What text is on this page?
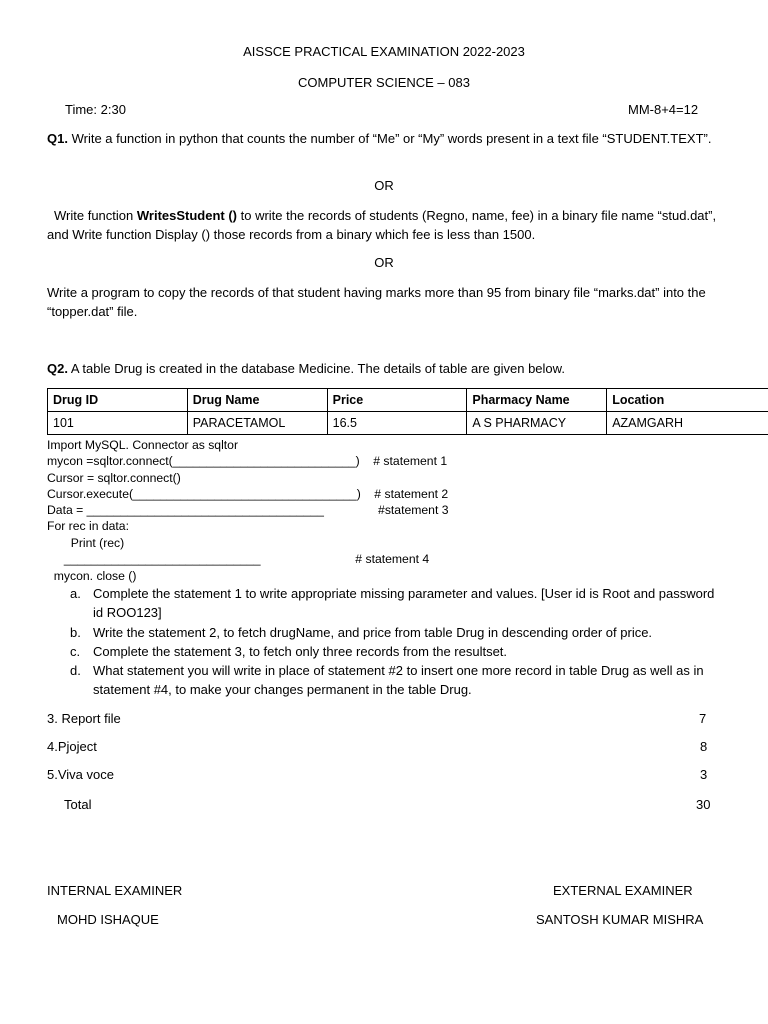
AISSCE PRACTICAL EXAMINATION 2022-2023
COMPUTER SCIENCE – 083
Time: 2:30	MM-8+4=12
Q1. Write a function in python that counts the number of “Me” or “My” words present in a text file “STUDENT.TEXT”.
OR
Write function WritesStudent () to write the records of students (Regno, name, fee) in a binary file name “stud.dat”, and Write function Display () those records from a binary which fee is less than 1500.
OR
Write a program to copy the records of that student having marks more than 95 from binary file “marks.dat” into the “topper.dat” file.
Q2. A table Drug is created in the database Medicine. The details of table are given below.
Drug ID	Drug Name	Price	Pharmacy Name	Location
101	PARACETAMOL	16.5	A S PHARMACY	AZAMGARH
Import MySQL. Connector as sqltor
mycon =sqltor.connect(___________________________)    # statement 1
Cursor = sqltor.connect()
Cursor.execute(_________________________________)    # statement 2
Data = ___________________________________                #statement 3
For rec in data:
Print (rec)
_____________________________                            # statement 4
mycon. close ()
a. Complete the statement 1 to write appropriate missing parameter and values. [User id is Root and password id ROO123]
b. Write the statement 2, to fetch drugName, and price from table Drug in descending order of price.
c. Complete the statement 3, to fetch only three records from the resultset.
d. What statement you will write in place of statement #2 to insert one more record in table Drug as well as in statement #4, to make your changes permanent in the table Drug.
3. Report file	7
4.Pjoject	8
5.Viva voce	3
Total	30
INTERNAL EXAMINER
MOHD ISHAQUE
EXTERNAL EXAMINER
SANTOSH KUMAR MISHRA
